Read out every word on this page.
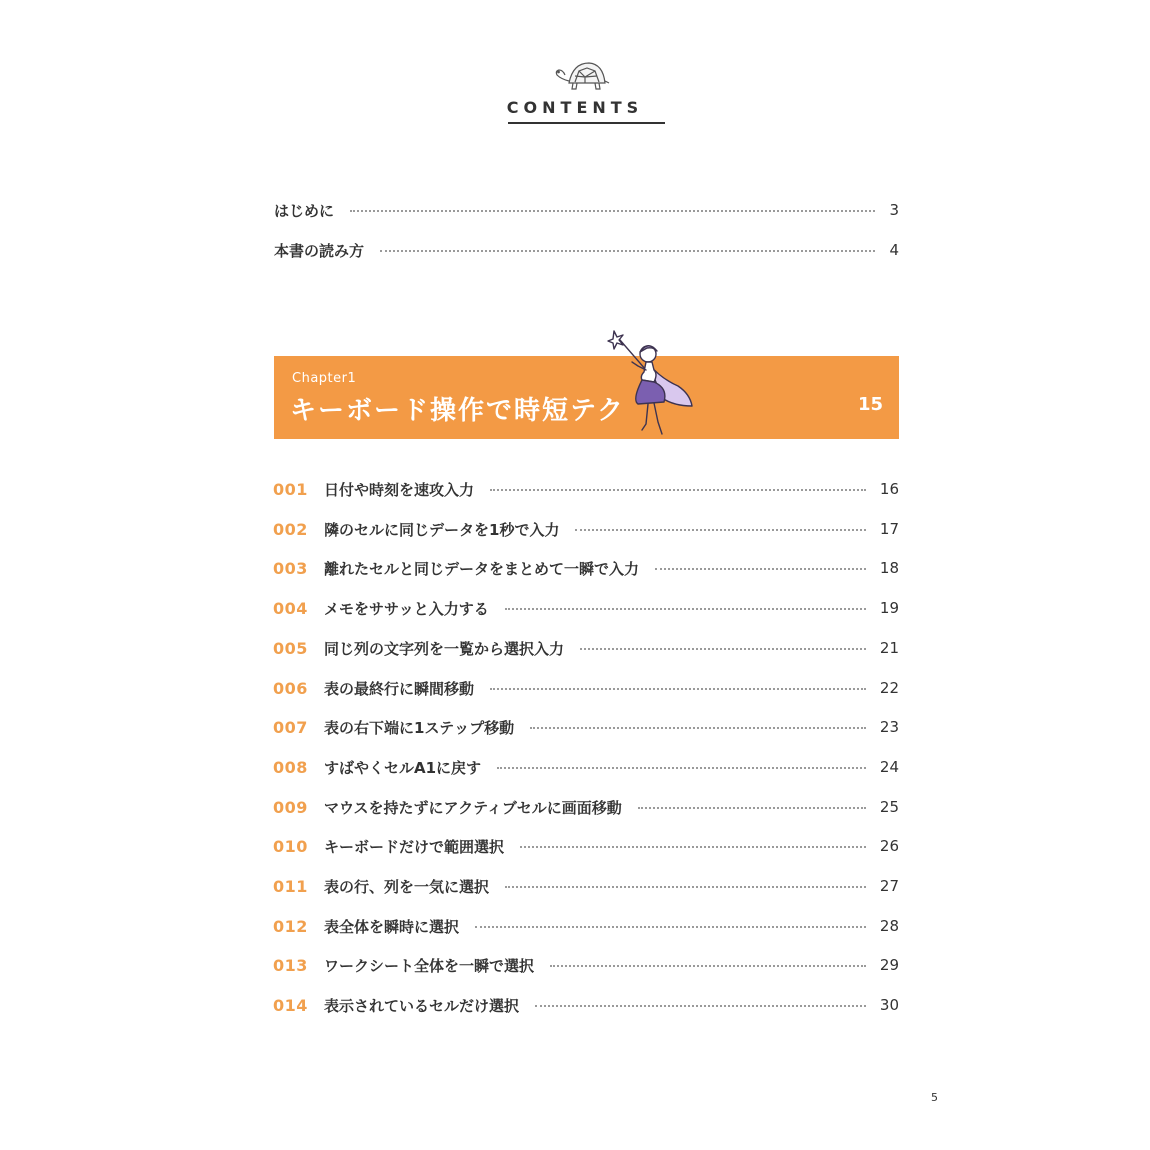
CONTENTS
はじめに	3
本書の読み方	4
Chapter1
キーボード操作で時短テク	15
001	日付や時刻を速攻入力	16
002	隣のセルに同じデータを1秒で入力	17
003	離れたセルと同じデータをまとめて一瞬で入力	18
004	メモをササッと入力する	19
005	同じ列の文字列を一覧から選択入力	21
006	表の最終行に瞬間移動	22
007	表の右下端に1ステップ移動	23
008	すばやくセルA1に戻す	24
009	マウスを持たずにアクティブセルに画面移動	25
010	キーボードだけで範囲選択	26
011	表の行、列を一気に選択	27
012	表全体を瞬時に選択	28
013	ワークシート全体を一瞬で選択	29
014	表示されているセルだけ選択	30
5
